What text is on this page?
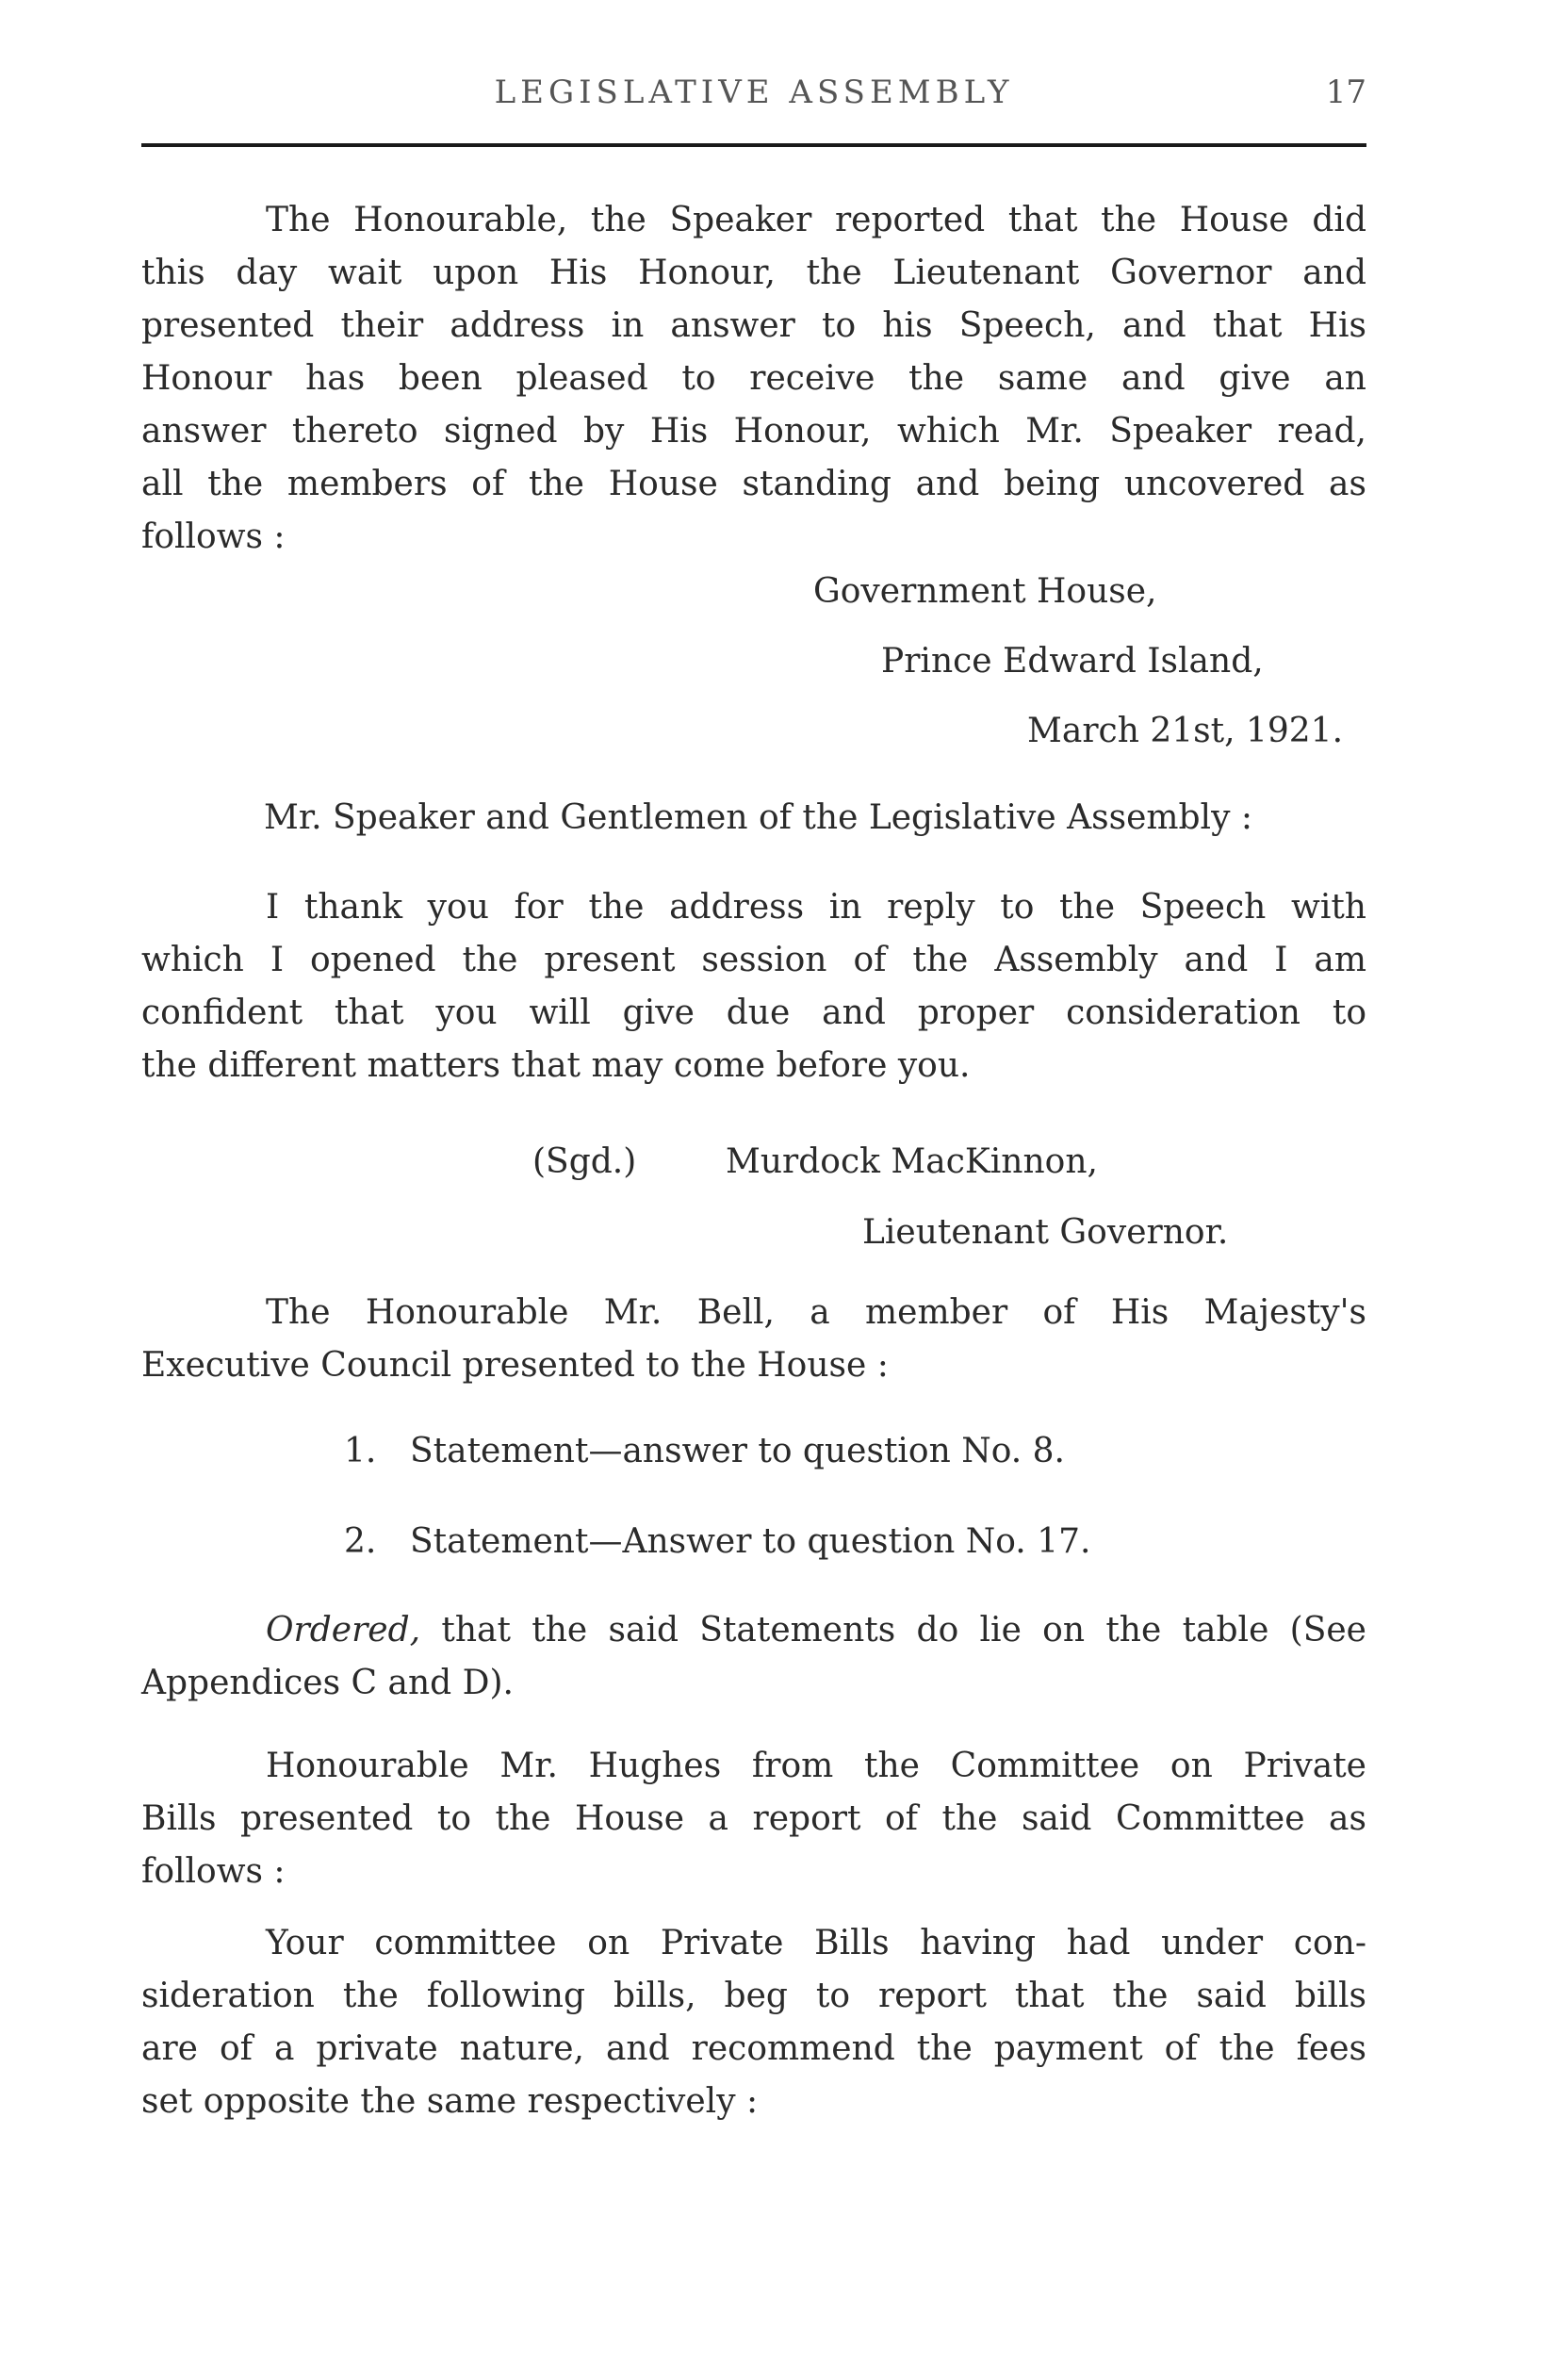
LEGISLATIVE ASSEMBLY	17
The Honourable, the Speaker reported that the House did
this day wait upon His Honour, the Lieutenant Governor and
presented their address in answer to his Speech, and that His
Honour has been pleased to receive the same and give an
answer thereto signed by His Honour, which Mr. Speaker read,
all the members of the House standing and being uncovered as
follows :
Government House,
Prince Edward Island,
March 21st, 1921.
Mr. Speaker and Gentlemen of the Legislative Assembly :
I thank you for the address in reply to the Speech with
which I opened the present session of the Assembly and I am
confident that you will give due and proper consideration to
the different matters that may come before you.
(Sgd.)	Murdock MacKinnon,
Lieutenant Governor.
The Honourable Mr. Bell, a member of His Majesty's
Executive Council presented to the House :
1. Statement—answer to question No. 8.
2. Statement—Answer to question No. 17.
Ordered, that the said Statements do lie on the table (See
Appendices C and D).
Honourable Mr. Hughes from the Committee on Private
Bills presented to the House a report of the said Committee as
follows :
Your committee on Private Bills having had under con-
sideration the following bills, beg to report that the said bills
are of a private nature, and recommend the payment of the fees
set opposite the same respectively :
